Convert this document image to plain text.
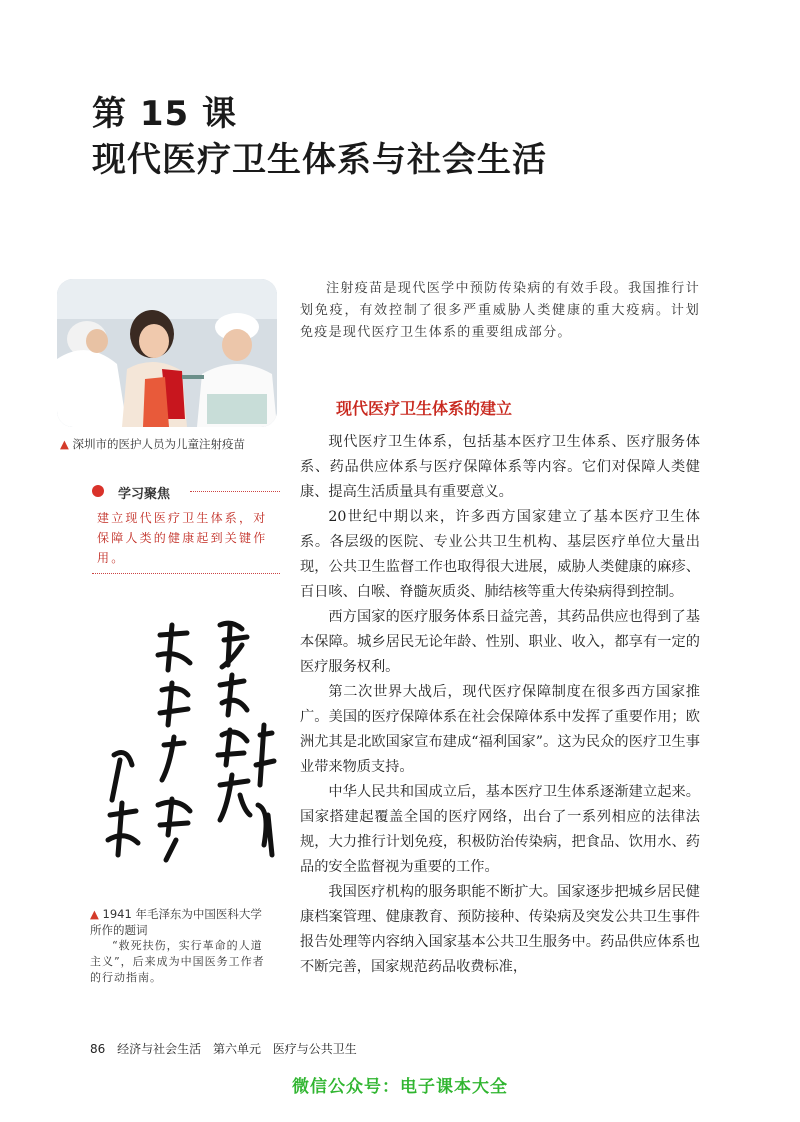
第 15 课
现代医疗卫生体系与社会生活
▲ 深圳市的医护人员为儿童注射疫苗
学习聚焦
建立现代医疗卫生体系，对保障人类的健康起到关键作用。
▲ 1941 年毛泽东为中国医科大学所作的题词
“救死扶伤，实行革命的人道主义”，后来成为中国医务工作者的行动指南。
注射疫苗是现代医学中预防传染病的有效手段。我国推行计划免疫，有效控制了很多严重威胁人类健康的重大疫病。计划免疫是现代医疗卫生体系的重要组成部分。
现代医疗卫生体系的建立

现代医疗卫生体系，包括基本医疗卫生体系、医疗服务体系、药品供应体系与医疗保障体系等内容。它们对保障人类健康、提高生活质量具有重要意义。

20世纪中期以来，许多西方国家建立了基本医疗卫生体系。各层级的医院、专业公共卫生机构、基层医疗单位大量出现，公共卫生监督工作也取得很大进展，威胁人类健康的麻疹、百日咳、白喉、脊髓灰质炎、肺结核等重大传染病得到控制。

西方国家的医疗服务体系日益完善，其药品供应也得到了基本保障。城乡居民无论年龄、性别、职业、收入，都享有一定的医疗服务权利。

第二次世界大战后，现代医疗保障制度在很多西方国家推广。美国的医疗保障体系在社会保障体系中发挥了重要作用；欧洲尤其是北欧国家宣布建成“福利国家”。这为民众的医疗卫生事业带来物质支持。

中华人民共和国成立后，基本医疗卫生体系逐渐建立起来。国家搭建起覆盖全国的医疗网络，出台了一系列相应的法律法规，大力推行计划免疫，积极防治传染病，把食品、饮用水、药品的安全监督视为重要的工作。

我国医疗机构的服务职能不断扩大。国家逐步把城乡居民健康档案管理、健康教育、预防接种、传染病及突发公共卫生事件报告处理等内容纳入国家基本公共卫生服务中。药品供应体系也不断完善，国家规范药品收费标准，

86 经济与社会生活 第六单元 医疗与公共卫生
微信公众号：电子课本大全
